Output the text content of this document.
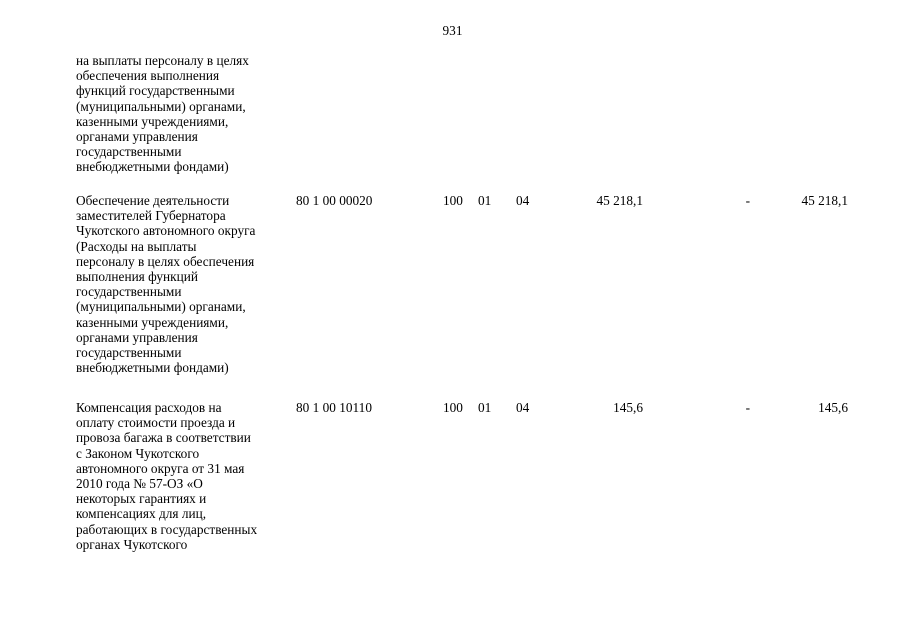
931
на выплаты персоналу в целях
обеспечения выполнения
функций государственными
(муниципальными) органами,
казенными учреждениями,
органами управления
государственными
внебюджетными фондами)
Обеспечение деятельности
заместителей Губернатора
Чукотского автономного округа
(Расходы на выплаты
персоналу в целях обеспечения
выполнения функций
государственными
(муниципальными) органами,
казенными учреждениями,
органами управления
государственными
внебюджетными фондами)
80 1 00 00020	100 01 04	45 218,1	-	45 218,1
Компенсация расходов на
оплату стоимости проезда и
провоза багажа в соответствии
с Законом Чукотского
автономного округа от 31 мая
2010 года № 57-ОЗ «О
некоторых гарантиях и
компенсациях для лиц,
работающих в государственных
органах Чукотского
80 1 00 10110	100 01 04	145,6	-	145,6
